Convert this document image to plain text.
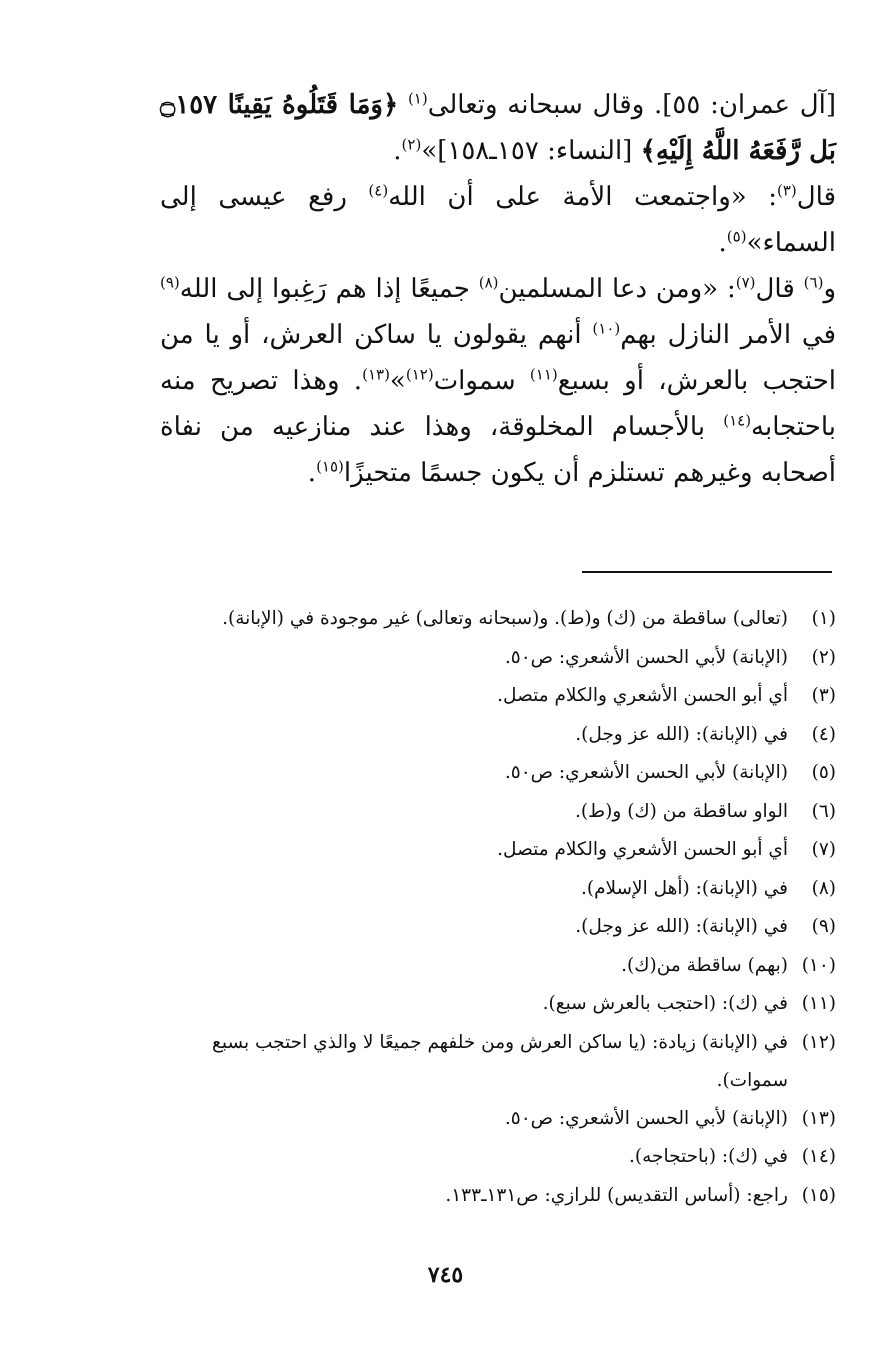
[آل عمران: ٥٥]. وقال سبحانه وتعالى$^{(١)}$ ﴿وَمَا قَتَلُوهُ يَقِينًا ۝١٥٧ بَل رَّفَعَهُ اللَّهُ إِلَيْهِ﴾ [النساء: ١٥٧ـ١٥٨]»$^{(٢)}$.

قال$^{(٣)}$: «واجتمعت الأمة على أن الله$^{(٤)}$ رفع عيسى إلى السماء»$^{(٥)}$.

و$^{(٦)}$ قال$^{(٧)}$: «ومن دعا المسلمين$^{(٨)}$ جميعًا إذا هم رَغِبوا إلى الله$^{(٩)}$ في الأمر النازل بهم$^{(١٠)}$ أنهم يقولون يا ساكن العرش، أو يا من احتجب بالعرش، أو بسبع$^{(١١)}$ سموات$^{(١٢)}$»$^{(١٣)}$. وهذا تصريح منه باحتجابه$^{(١٤)}$ بالأجسام المخلوقة، وهذا عند منازعيه من نفاة أصحابه وغيرهم تستلزم أن يكون جسمًا متحيزًا$^{(١٥)}$.

(١)
(تعالى) ساقطة من (ك) و(ط). و(سبحانه وتعالى) غير موجودة في (الإبانة).
(٢)
(الإبانة) لأبي الحسن الأشعري: ص٥٠.
(٣)
أي أبو الحسن الأشعري والكلام متصل.
(٤)
في (الإبانة): (الله عز وجل).
(٥)
(الإبانة) لأبي الحسن الأشعري: ص٥٠.
(٦)
الواو ساقطة من (ك) و(ط).
(٧)
أي أبو الحسن الأشعري والكلام متصل.
(٨)
في (الإبانة): (أهل الإسلام).
(٩)
في (الإبانة): (الله عز وجل).
(١٠)
(بهم) ساقطة من(ك).
(١١)
في (ك): (احتجب بالعرش سبع).
(١٢)
في (الإبانة) زيادة: (يا ساكن العرش ومن خلفهم جميعًا لا والذي احتجب بسبع سموات).
(١٣)
(الإبانة) لأبي الحسن الأشعري: ص٥٠.
(١٤)
في (ك): (باحتجاجه).
(١٥)
راجع: (أساس التقديس) للرازي: ص١٣١ـ١٣٣.
٧٤٥
